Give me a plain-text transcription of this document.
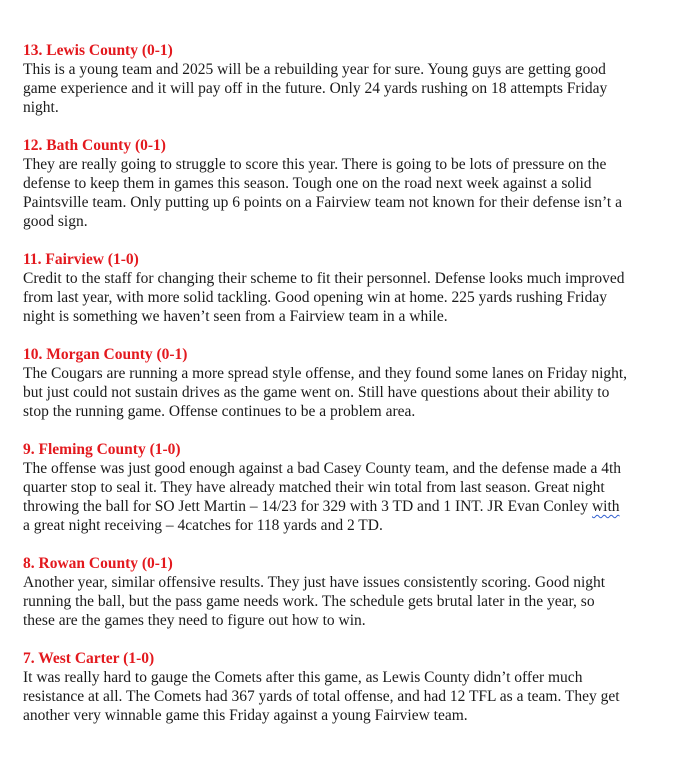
13. Lewis County (0-1)

This is a young team and 2025 will be a rebuilding year for sure. Young guys are getting good
game experience and it will pay off in the future. Only 24 yards rushing on 18 attempts Friday
night.

12. Bath County (0-1)

They are really going to struggle to score this year. There is going to be lots of pressure on the
defense to keep them in games this season. Tough one on the road next week against a solid
Paintsville team. Only putting up 6 points on a Fairview team not known for their defense isn’t a
good sign.

11. Fairview (1-0)

Credit to the staff for changing their scheme to fit their personnel. Defense looks much improved
from last year, with more solid tackling. Good opening win at home. 225 yards rushing Friday
night is something we haven’t seen from a Fairview team in a while.

10. Morgan County (0-1)

The Cougars are running a more spread style offense, and they found some lanes on Friday night,
but just could not sustain drives as the game went on. Still have questions about their ability to
stop the running game. Offense continues to be a problem area.

9. Fleming County (1-0)

The offense was just good enough against a bad Casey County team, and the defense made a 4th
quarter stop to seal it. They have already matched their win total from last season. Great night
throwing the ball for SO Jett Martin – 14/23 for 329 with 3 TD and 1 INT. JR Evan Conley with
a great night receiving – 4catches for 118 yards and 2 TD.

8. Rowan County (0-1)

Another year, similar offensive results. They just have issues consistently scoring. Good night
running the ball, but the pass game needs work. The schedule gets brutal later in the year, so
these are the games they need to figure out how to win.

7. West Carter (1-0)

It was really hard to gauge the Comets after this game, as Lewis County didn’t offer much
resistance at all. The Comets had 367 yards of total offense, and had 12 TFL as a team. They get
another very winnable game this Friday against a young Fairview team.
